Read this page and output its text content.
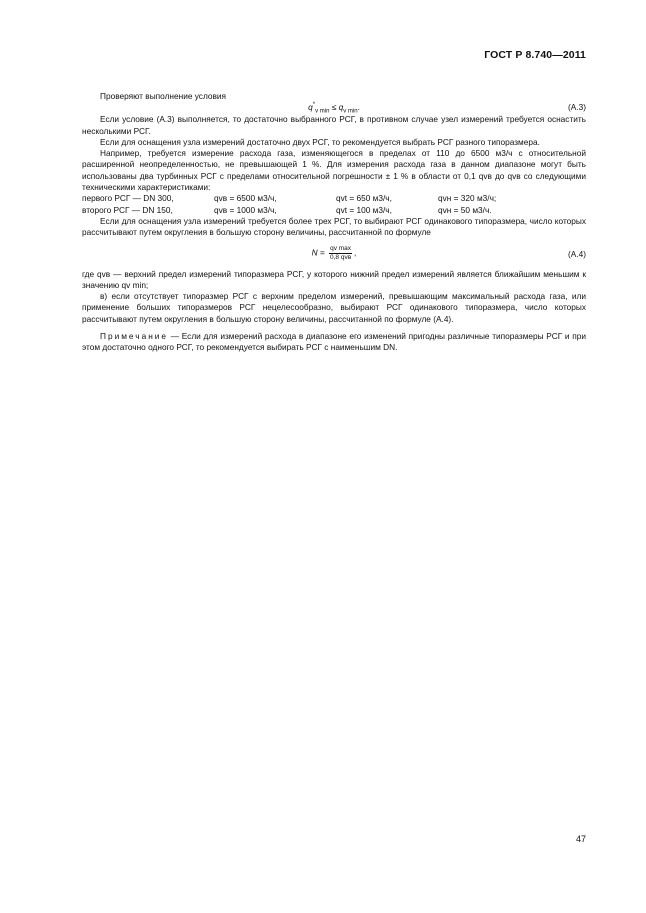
ГОСТ Р 8.740—2011

Проверяют выполнение условия

$q^*_{v min} \le q_{v min}$.	(А.3)

Если условие (А.3) выполняется, то достаточно выбранного РСГ, в противном случае узел измерений требуется оснастить несколькими РСГ.

Если для оснащения узла измерений достаточно двух РСГ, то рекомендуется выбрать РСГ разного типоразмера.

Например, требуется измерение расхода газа, изменяющегося в пределах от 110 до 6500 м3/ч с относительной расширенной неопределенностью, не превышающей 1 %. Для измерения расхода газа в данном диапазоне могут быть использованы два турбинных РСГ с пределами относительной погрешности ± 1 % в области от 0,1 qvв до qvв со следующими техническими характеристиками:

первого РСГ — DN 300,	qvв = 6500 м3/ч,	qvt = 650 м3/ч,	qvн = 320 м3/ч;
второго РСГ — DN 150,	qvв = 1000 м3/ч,	qvt = 100 м3/ч,	qvн = 50 м3/ч.

Если для оснащения узла измерений требуется более трех РСГ, то выбирают РСГ одинакового типоразмера, число которых рассчитывают путем округления в большую сторону величины, рассчитанной по формуле

$N = \frac{\text{qv max}}{\text{0,8 qvв}}$ ,	(А.4)

где qvв — верхний предел измерений типоразмера РСГ, у которого нижний предел измерений является ближайшим меньшим к значению qv min;

в) если отсутствует типоразмер РСГ с верхним пределом измерений, превышающим максимальный расхода газа, или применение больших типоразмеров РСГ нецелесообразно, выбирают РСГ одинакового типоразмера, число которых рассчитывают путем округления в большую сторону величины, рассчитанной по формуле (А.4).

Примечание — Если для измерений расхода в диапазоне его изменений пригодны различные типоразмеры РСГ и при этом достаточно одного РСГ, то рекомендуется выбирать РСГ с наименьшим DN.

47
